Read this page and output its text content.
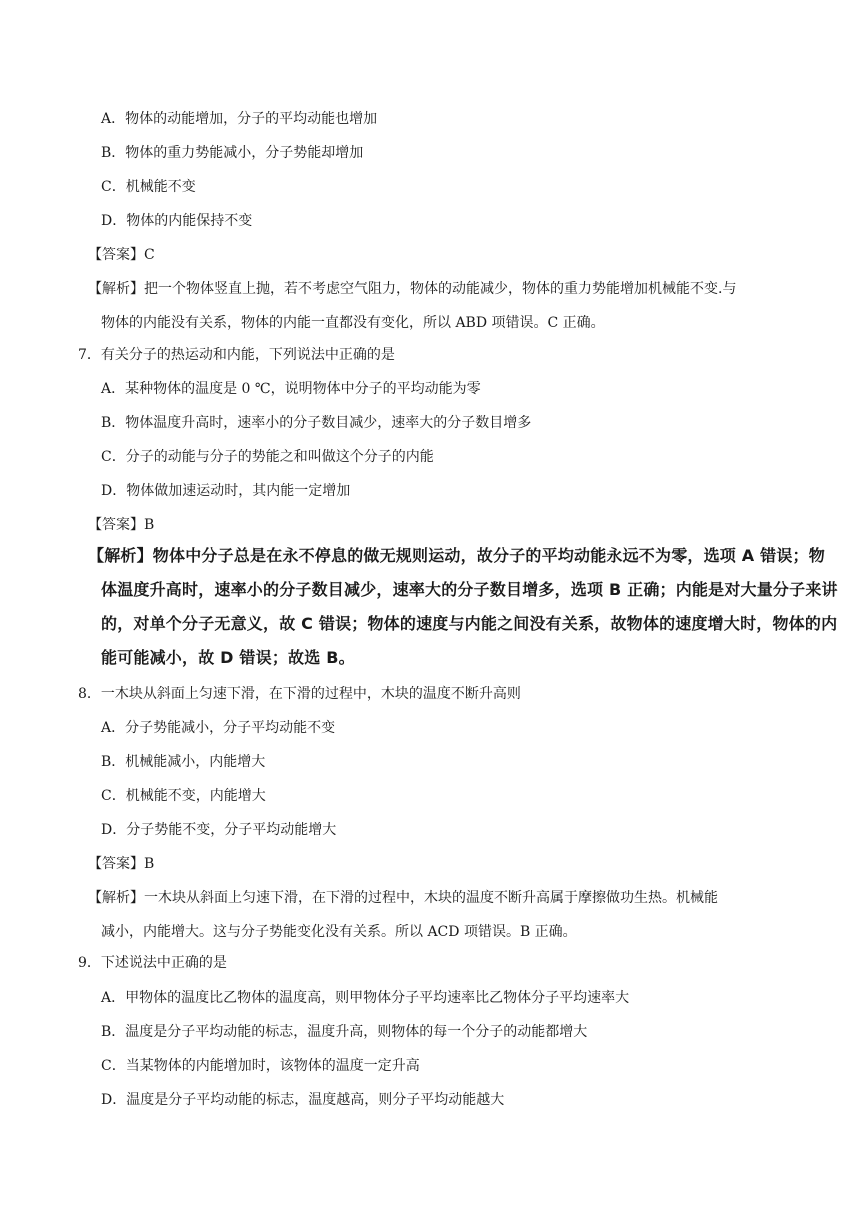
A．物体的动能增加，分子的平均动能也增加
B．物体的重力势能减小，分子势能却增加
C．机械能不变
D．物体的内能保持不变
【答案】C
【解析】把一个物体竖直上抛，若不考虑空气阻力，物体的动能减少，物体的重力势能增加机械能不变.与
物体的内能没有关系，物体的内能一直都没有变化，所以 ABD 项错误。C 正确。
7．有关分子的热运动和内能，下列说法中正确的是
A．某种物体的温度是 0 ℃，说明物体中分子的平均动能为零
B．物体温度升高时，速率小的分子数目减少，速率大的分子数目增多
C．分子的动能与分子的势能之和叫做这个分子的内能
D．物体做加速运动时，其内能一定增加
【答案】B
【解析】物体中分子总是在永不停息的做无规则运动，故分子的平均动能永远不为零，选项 A 错误；物
体温度升高时，速率小的分子数目减少，速率大的分子数目增多，选项 B 正确；内能是对大量分子来讲
的，对单个分子无意义，故 C 错误；物体的速度与内能之间没有关系，故物体的速度增大时，物体的内
能可能减小，故 D 错误；故选 B。
8．一木块从斜面上匀速下滑，在下滑的过程中，木块的温度不断升高则
A．分子势能减小，分子平均动能不变
B．机械能减小，内能增大
C．机械能不变，内能增大
D．分子势能不变，分子平均动能增大
【答案】B
【解析】一木块从斜面上匀速下滑，在下滑的过程中，木块的温度不断升高属于摩擦做功生热。机械能
减小，内能增大。这与分子势能变化没有关系。所以 ACD 项错误。B 正确。
9．下述说法中正确的是
A．甲物体的温度比乙物体的温度高，则甲物体分子平均速率比乙物体分子平均速率大
B．温度是分子平均动能的标志，温度升高，则物体的每一个分子的动能都增大
C．当某物体的内能增加时，该物体的温度一定升高
D．温度是分子平均动能的标志，温度越高，则分子平均动能越大
